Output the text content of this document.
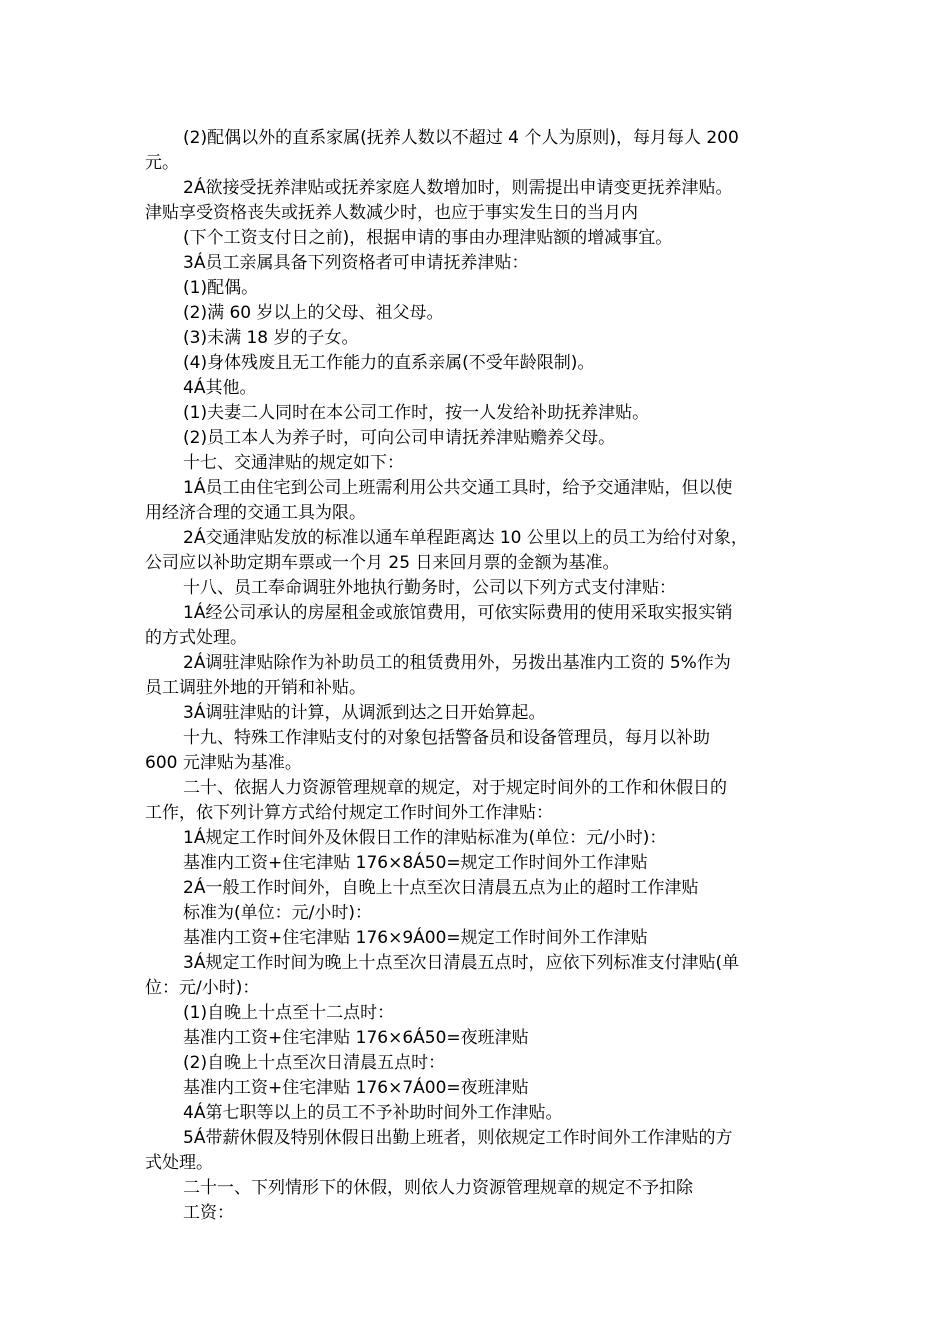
(2)配偶以外的直系家属(抚养人数以不超过 4 个人为原则)，每月每人 200
元。
2Á欲接受抚养津贴或抚养家庭人数增加时，则需提出申请变更抚养津贴。
津贴享受资格丧失或抚养人数减少时，也应于事实发生日的当月内
(下个工资支付日之前)，根据申请的事由办理津贴额的增减事宜。
3Á员工亲属具备下列资格者可申请抚养津贴：
(1)配偶。
(2)满 60 岁以上的父母、祖父母。
(3)未满 18 岁的子女。
(4)身体残废且无工作能力的直系亲属(不受年龄限制)。
4Á其他。
(1)夫妻二人同时在本公司工作时，按一人发给补助抚养津贴。
(2)员工本人为养子时，可向公司申请抚养津贴赡养父母。
十七、交通津贴的规定如下：
1Á员工由住宅到公司上班需利用公共交通工具时，给予交通津贴，但以使
用经济合理的交通工具为限。
2Á交通津贴发放的标准以通车单程距离达 10 公里以上的员工为给付对象，
公司应以补助定期车票或一个月 25 日来回月票的金额为基准。
十八、员工奉命调驻外地执行勤务时，公司以下列方式支付津贴：
1Á经公司承认的房屋租金或旅馆费用，可依实际费用的使用采取实报实销
的方式处理。
2Á调驻津贴除作为补助员工的租赁费用外，另拨出基准内工资的 5%作为
员工调驻外地的开销和补贴。
3Á调驻津贴的计算，从调派到达之日开始算起。
十九、特殊工作津贴支付的对象包括警备员和设备管理员，每月以补助
600 元津贴为基准。
二十、依据人力资源管理规章的规定，对于规定时间外的工作和休假日的
工作，依下列计算方式给付规定工作时间外工作津贴：
1Á规定工作时间外及休假日工作的津贴标准为(单位：元/小时)：
基准内工资+住宅津贴 176×8Á50=规定工作时间外工作津贴
2Á一般工作时间外，自晚上十点至次日清晨五点为止的超时工作津贴
标准为(单位：元/小时)：
基准内工资+住宅津贴 176×9Á00=规定工作时间外工作津贴
3Á规定工作时间为晚上十点至次日清晨五点时，应依下列标准支付津贴(单
位：元/小时)：
(1)自晚上十点至十二点时：
基准内工资+住宅津贴 176×6Á50=夜班津贴
(2)自晚上十点至次日清晨五点时：
基准内工资+住宅津贴 176×7Á00=夜班津贴
4Á第七职等以上的员工不予补助时间外工作津贴。
5Á带薪休假及特别休假日出勤上班者，则依规定工作时间外工作津贴的方
式处理。
二十一、下列情形下的休假，则依人力资源管理规章的规定不予扣除
工资：
